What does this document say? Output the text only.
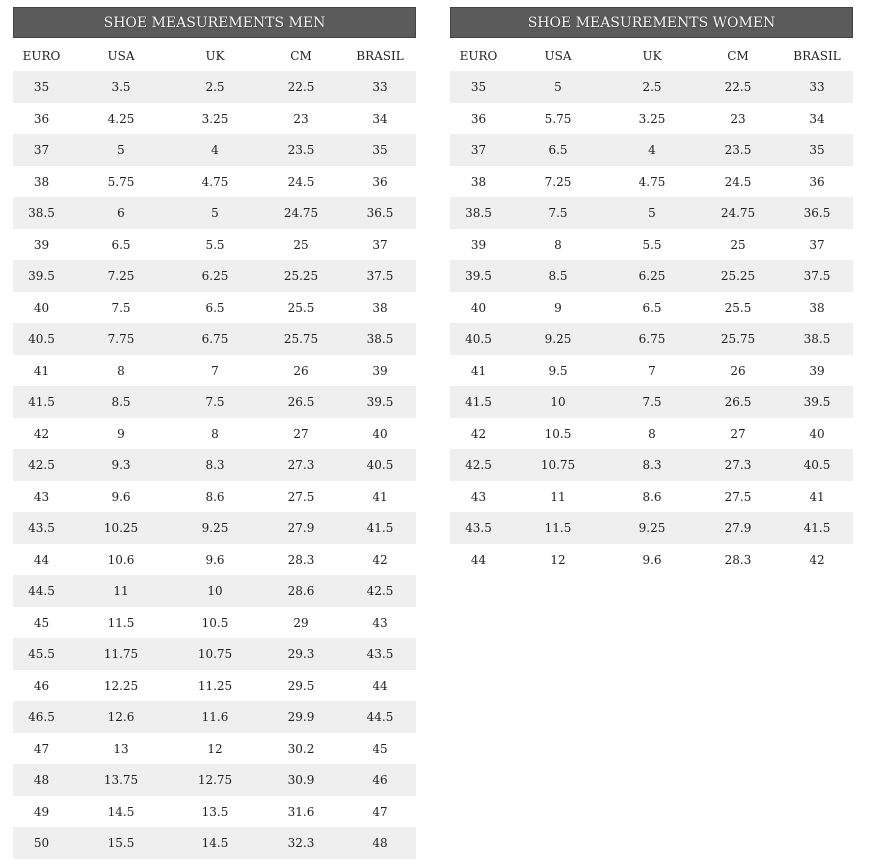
SHOE MEASUREMENTS MEN
EURO	USA	UK	CM	BRASIL
35	3.5	2.5	22.5	33
36	4.25	3.25	23	34
37	5	4	23.5	35
38	5.75	4.75	24.5	36
38.5	6	5	24.75	36.5
39	6.5	5.5	25	37
39.5	7.25	6.25	25.25	37.5
40	7.5	6.5	25.5	38
40.5	7.75	6.75	25.75	38.5
41	8	7	26	39
41.5	8.5	7.5	26.5	39.5
42	9	8	27	40
42.5	9.3	8.3	27.3	40.5
43	9.6	8.6	27.5	41
43.5	10.25	9.25	27.9	41.5
44	10.6	9.6	28.3	42
44.5	11	10	28.6	42.5
45	11.5	10.5	29	43
45.5	11.75	10.75	29.3	43.5
46	12.25	11.25	29.5	44
46.5	12.6	11.6	29.9	44.5
47	13	12	30.2	45
48	13.75	12.75	30.9	46
49	14.5	13.5	31.6	47
50	15.5	14.5	32.3	48
SHOE MEASUREMENTS WOMEN
EURO	USA	UK	CM	BRASIL
35	5	2.5	22.5	33
36	5.75	3.25	23	34
37	6.5	4	23.5	35
38	7.25	4.75	24.5	36
38.5	7.5	5	24.75	36.5
39	8	5.5	25	37
39.5	8.5	6.25	25.25	37.5
40	9	6.5	25.5	38
40.5	9.25	6.75	25.75	38.5
41	9.5	7	26	39
41.5	10	7.5	26.5	39.5
42	10.5	8	27	40
42.5	10.75	8.3	27.3	40.5
43	11	8.6	27.5	41
43.5	11.5	9.25	27.9	41.5
44	12	9.6	28.3	42
